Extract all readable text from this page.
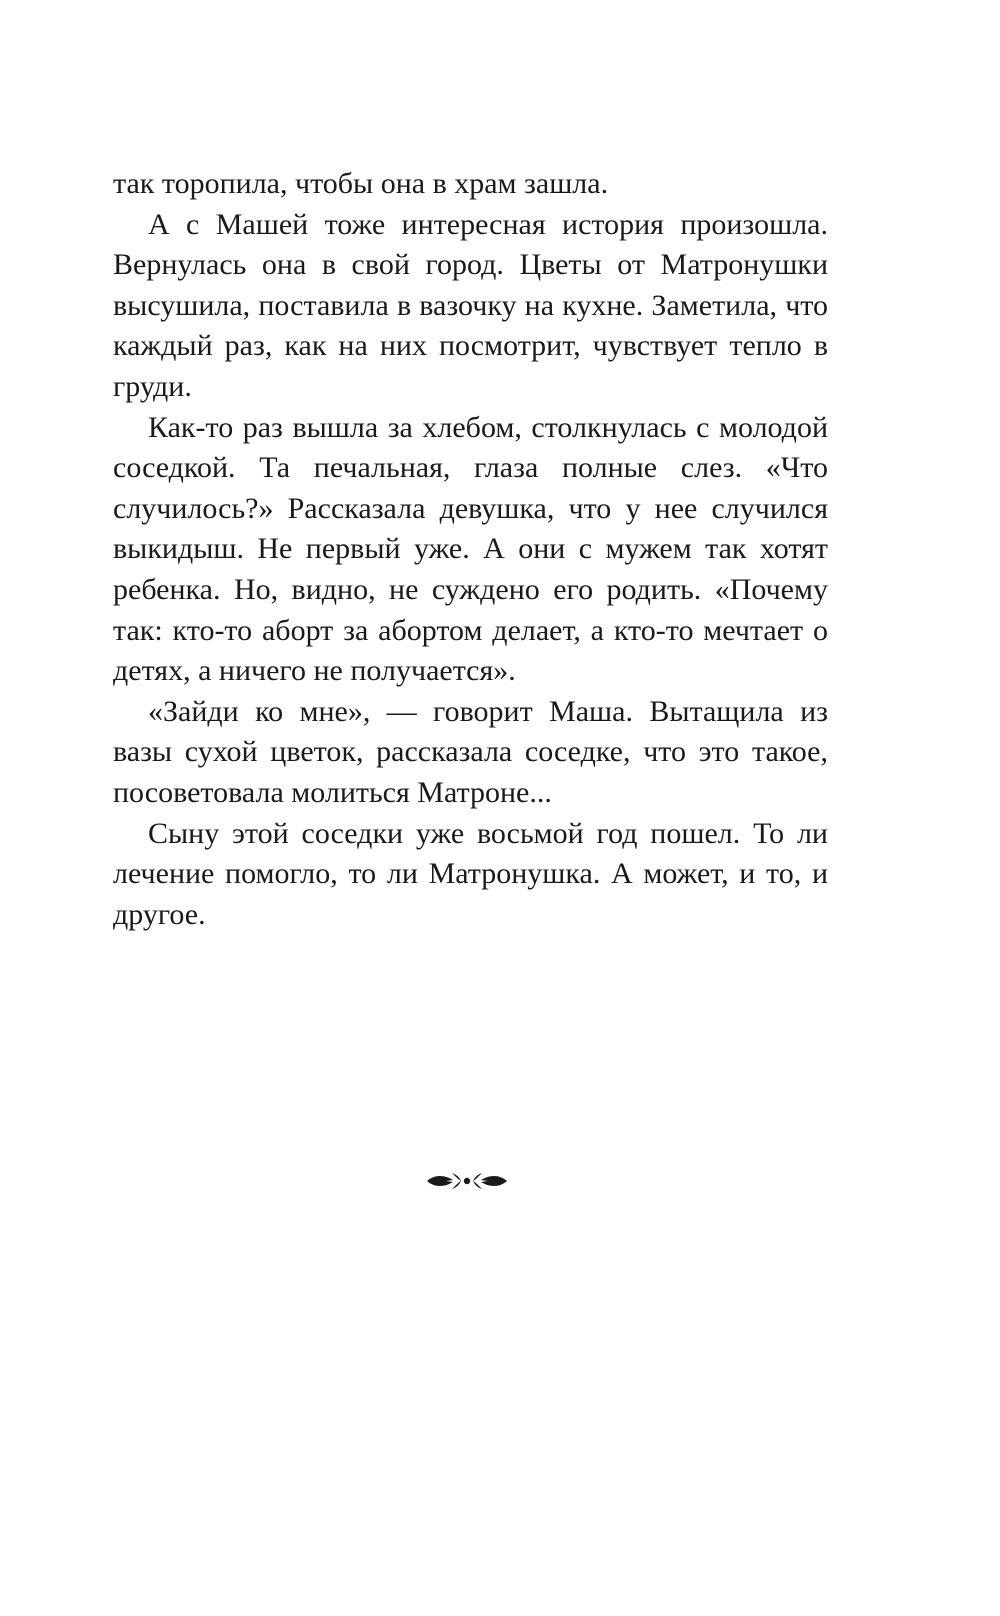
так торопила, чтобы она в храм зашла.

А с Машей тоже интересная история произошла. Вернулась она в свой город. Цветы от Матронушки высушила, поставила в вазочку на кухне. Заметила, что каждый раз, как на них посмотрит, чувствует тепло в груди.

Как-то раз вышла за хлебом, столкнулась с молодой соседкой. Та печальная, глаза полные слез. «Что случилось?» Рассказала девушка, что у нее случился выкидыш. Не первый уже. А они с мужем так хотят ребенка. Но, видно, не суждено его родить. «Почему так: кто-то аборт за абортом делает, а кто-то мечтает о детях, а ничего не получается».

«Зайди ко мне», — говорит Маша. Вытащила из вазы сухой цветок, рассказала соседке, что это такое, посоветовала молиться Матроне...

Сыну этой соседки уже восьмой год пошел. То ли лечение помогло, то ли Матронушка. А может, и то, и другое.
